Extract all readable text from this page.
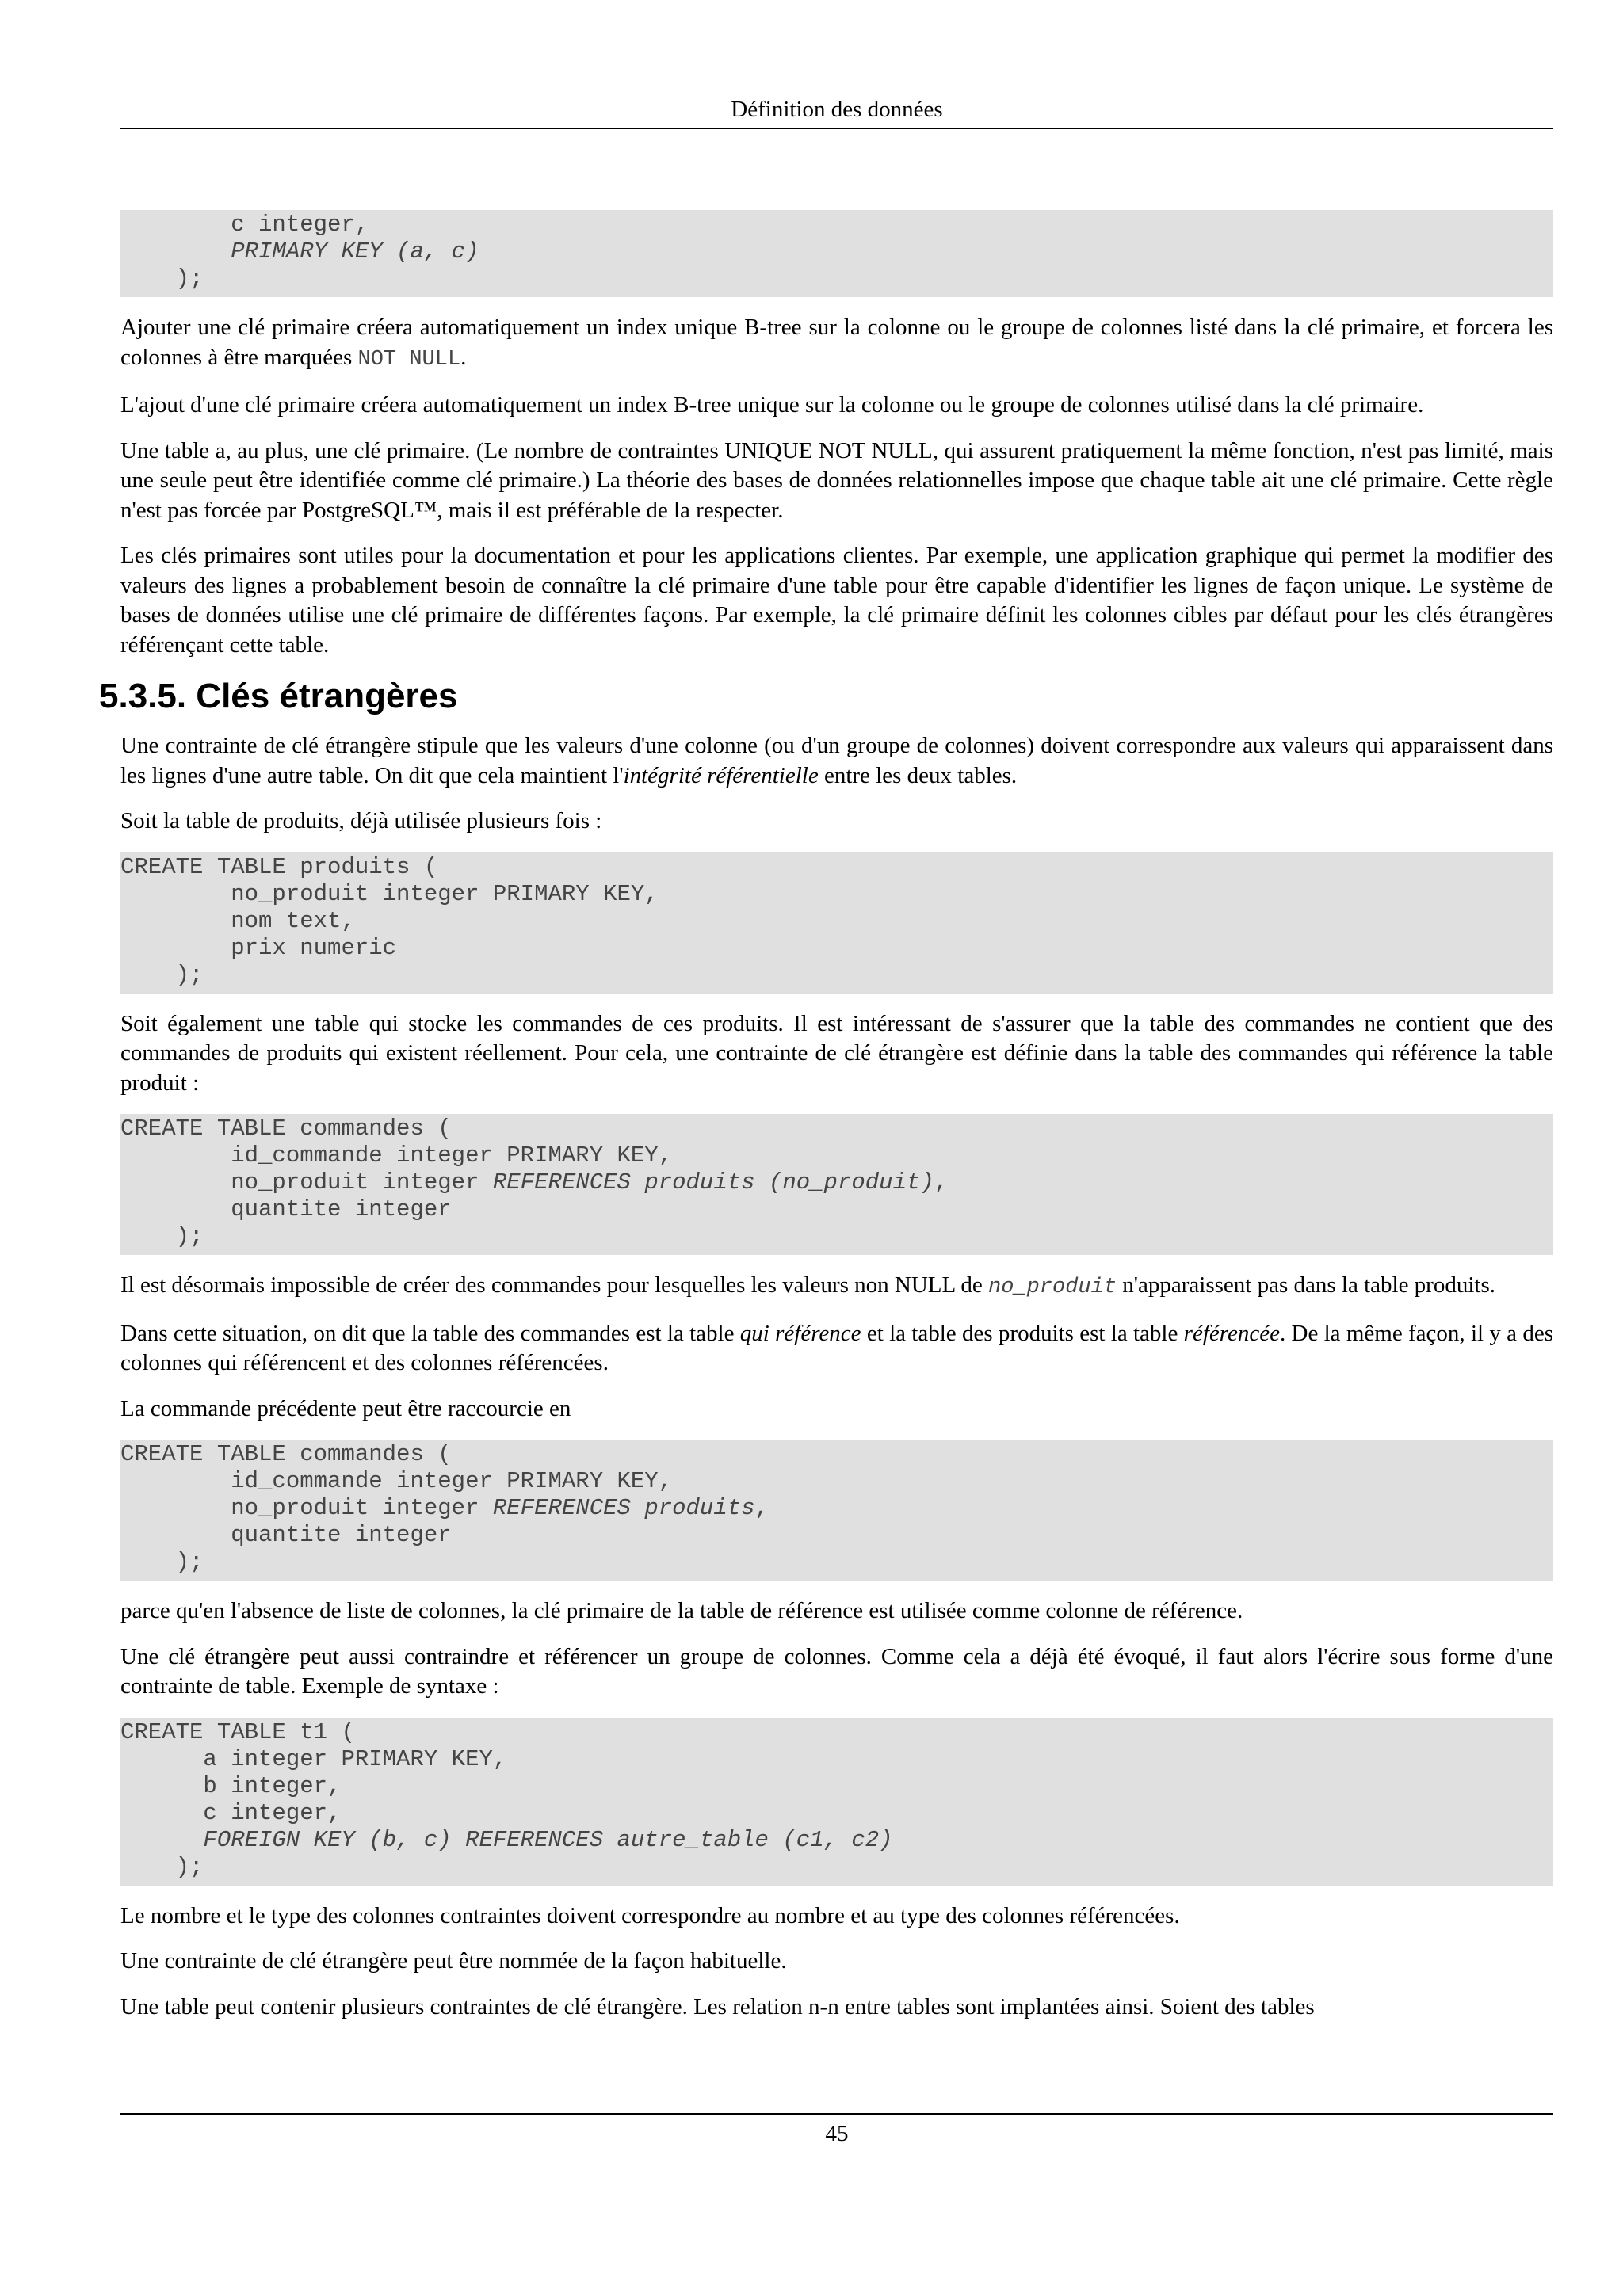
Définition des données
c integer,
PRIMARY KEY (a, c)
);

Ajouter une clé primaire créera automatiquement un index unique B-tree sur la colonne ou le groupe de colonnes listé dans la clé primaire, et forcera les colonnes à être marquées NOT NULL.

L'ajout d'une clé primaire créera automatiquement un index B-tree unique sur la colonne ou le groupe de colonnes utilisé dans la clé primaire.

Une table a, au plus, une clé primaire. (Le nombre de contraintes UNIQUE NOT NULL, qui assurent pratiquement la même fonction, n'est pas limité, mais une seule peut être identifiée comme clé primaire.) La théorie des bases de données relationnelles impose que chaque table ait une clé primaire. Cette règle n'est pas forcée par PostgreSQL™, mais il est préférable de la respecter.

Les clés primaires sont utiles pour la documentation et pour les applications clientes. Par exemple, une application graphique qui permet la modifier des valeurs des lignes a probablement besoin de connaître la clé primaire d'une table pour être capable d'identifier les lignes de façon unique. Le système de bases de données utilise une clé primaire de différentes façons. Par exemple, la clé primaire définit les colonnes cibles par défaut pour les clés étrangères référençant cette table.

5.3.5. Clés étrangères

Une contrainte de clé étrangère stipule que les valeurs d'une colonne (ou d'un groupe de colonnes) doivent correspondre aux valeurs qui apparaissent dans les lignes d'une autre table. On dit que cela maintient l'intégrité référentielle entre les deux tables.

Soit la table de produits, déjà utilisée plusieurs fois :

CREATE TABLE produits (
no_produit integer PRIMARY KEY,
nom text,
prix numeric
);

Soit également une table qui stocke les commandes de ces produits. Il est intéressant de s'assurer que la table des commandes ne contient que des commandes de produits qui existent réellement. Pour cela, une contrainte de clé étrangère est définie dans la table des commandes qui référence la table produit :

CREATE TABLE commandes (
id_commande integer PRIMARY KEY,
no_produit integer REFERENCES produits (no_produit),
quantite integer
);

Il est désormais impossible de créer des commandes pour lesquelles les valeurs non NULL de no_produit n'apparaissent pas dans la table produits.

Dans cette situation, on dit que la table des commandes est la table qui référence et la table des produits est la table référencée. De la même façon, il y a des colonnes qui référencent et des colonnes référencées.

La commande précédente peut être raccourcie en

CREATE TABLE commandes (
id_commande integer PRIMARY KEY,
no_produit integer REFERENCES produits,
quantite integer
);

parce qu'en l'absence de liste de colonnes, la clé primaire de la table de référence est utilisée comme colonne de référence.

Une clé étrangère peut aussi contraindre et référencer un groupe de colonnes. Comme cela a déjà été évoqué, il faut alors l'écrire sous forme d'une contrainte de table. Exemple de syntaxe :

CREATE TABLE t1 (
a integer PRIMARY KEY,
b integer,
c integer,
FOREIGN KEY (b, c) REFERENCES autre_table (c1, c2)
);

Le nombre et le type des colonnes contraintes doivent correspondre au nombre et au type des colonnes référencées.

Une contrainte de clé étrangère peut être nommée de la façon habituelle.

Une table peut contenir plusieurs contraintes de clé étrangère. Les relation n-n entre tables sont implantées ainsi. Soient des tables

45
